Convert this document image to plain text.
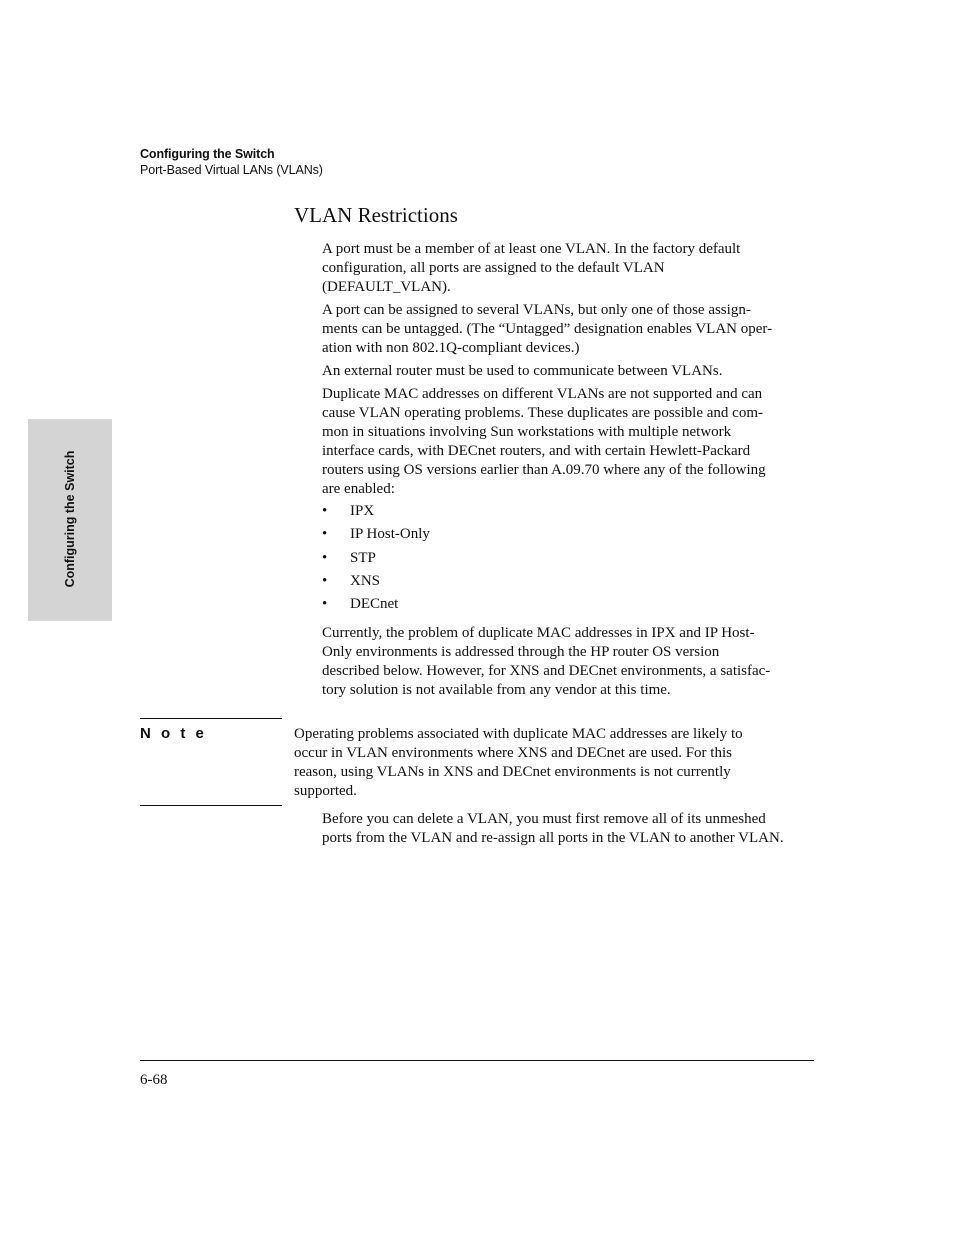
Configuring the Switch
Port-Based Virtual LANs (VLANs)
Configuring the Switch
VLAN Restrictions

A port must be a member of at least one VLAN. In the factory default
configuration, all ports are assigned to the default VLAN
(DEFAULT_VLAN).

A port can be assigned to several VLANs, but only one of those assign-
ments can be untagged. (The “Untagged” designation enables VLAN oper-
ation with non 802.1Q-compliant devices.)

An external router must be used to communicate between VLANs.

Duplicate MAC addresses on different VLANs are not supported and can
cause VLAN operating problems. These duplicates are possible and com-
mon in situations involving Sun workstations with multiple network
interface cards, with DECnet routers, and with certain Hewlett-Packard
routers using OS versions earlier than A.09.70 where any of the following
are enabled:

• IPX
• IP Host-Only
• STP
• XNS
• DECnet

Currently, the problem of duplicate MAC addresses in IPX and IP Host-
Only environments is addressed through the HP router OS version
described below. However, for XNS and DECnet environments, a satisfac-
tory solution is not available from any vendor at this time.

N o t e	Operating problems associated with duplicate MAC addresses are likely to
occur in VLAN environments where XNS and DECnet are used. For this
reason, using VLANs in XNS and DECnet environments is not currently
supported.

Before you can delete a VLAN, you must first remove all of its unmeshed
ports from the VLAN and re-assign all ports in the VLAN to another VLAN.

6-68
